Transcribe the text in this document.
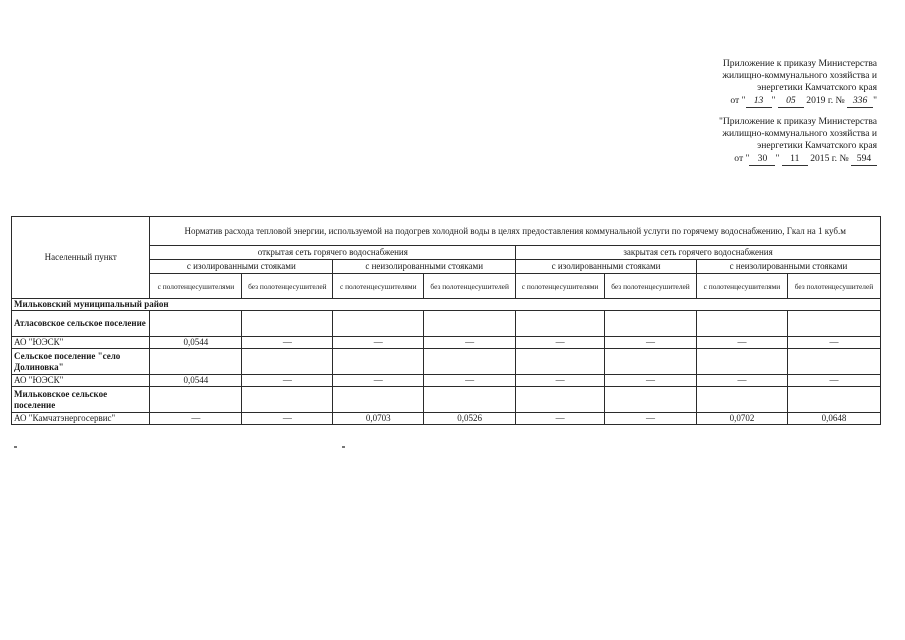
Приложение к приказу Министерства
жилищно-коммунального хозяйства и
энергетики Камчатского края
от " 13 " 05 2019 г. № 336 "
"Приложение к приказу Министерства
жилищно-коммунального хозяйства и
энергетики Камчатского края
от " 30 " 11 2015 г. № 594
Населенный пункт	Норматив расхода тепловой энергии, используемой на подогрев холодной воды в целях предоставления коммунальной услуги по горячему водоснабжению, Гкал на 1 куб.м							
	открытая сеть горячего водоснабжения				закрытая сеть горячего водоснабжения			
	с изолированными стояками		с неизолированными стояками		с изолированными стояками		с неизолированными стояками	
	с полотенцесушителями	без полотенцесушителей	с полотенцесушителями	без полотенцесушителей	с полотенцесушителями	без полотенцесушителей	с полотенцесушителями	без полотенцесушителей
Мильковский муниципальный район								
Атласовское сельское поселение								
АО "ЮЭСК"	0,0544	—	—	—	—	—	—	—
Сельское поселение "село Долиновка"								
АО "ЮЭСК"	0,0544	—	—	—	—	—	—	—
Мильковское сельское поселение								
АО "Камчатэнергосервис"	—	—	0,0703	0,0526	—	—	0,0702	0,0648
